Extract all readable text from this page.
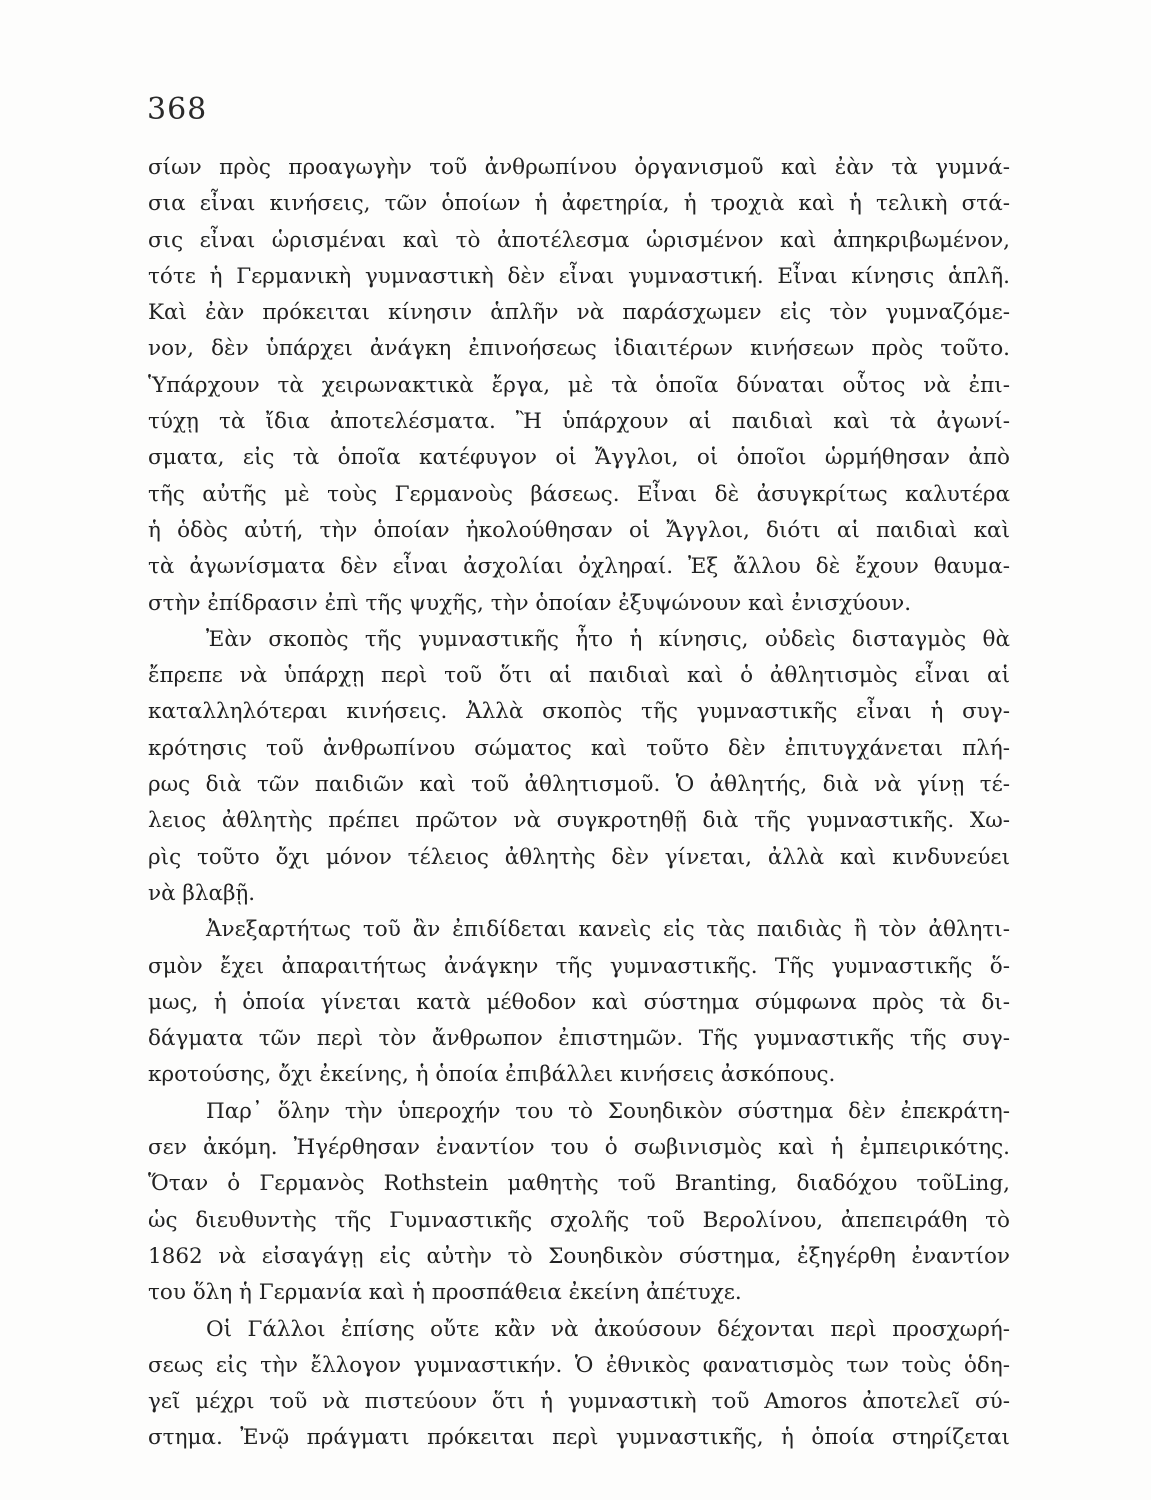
368
σίων πρὸς προαγωγὴν τοῦ ἀνθρωπίνου ὀργανισμοῦ καὶ ἐὰν τὰ γυμνά-
σια εἶναι κινήσεις, τῶν ὁποίων ἡ ἀφετηρία, ἡ τροχιὰ καὶ ἡ τελικὴ στά-
σις εἶναι ὡρισμέναι καὶ τὸ ἀποτέλεσμα ὡρισμένον καὶ ἀπηκριβωμένον,
τότε ἡ Γερμανικὴ γυμναστικὴ δὲν εἶναι γυμναστική. Εἶναι κίνησις ἁπλῆ.
Καὶ ἐὰν πρόκειται κίνησιν ἁπλῆν νὰ παράσχωμεν εἰς τὸν γυμναζόμε-
νον, δὲν ὑπάρχει ἀνάγκη ἐπινοήσεως ἰδιαιτέρων κινήσεων πρὸς τοῦτο.
Ὑπάρχουν τὰ χειρωνακτικὰ ἔργα, μὲ τὰ ὁποῖα δύναται οὗτος νὰ ἐπι-
τύχῃ τὰ ἴδια ἀποτελέσματα. Ἢ ὑπάρχουν αἱ παιδιαὶ καὶ τὰ ἀγωνί-
σματα, εἰς τὰ ὁποῖα κατέφυγον οἱ Ἄγγλοι, οἱ ὁποῖοι ὡρμήθησαν ἀπὸ
τῆς αὐτῆς μὲ τοὺς Γερμανοὺς βάσεως. Εἶναι δὲ ἀσυγκρίτως καλυτέρα
ἡ ὁδὸς αὐτή, τὴν ὁποίαν ἠκολούθησαν οἱ Ἄγγλοι, διότι αἱ παιδιαὶ καὶ
τὰ ἀγωνίσματα δὲν εἶναι ἀσχολίαι ὀχληραί. Ἐξ ἄλλου δὲ ἔχουν θαυμα-
στὴν ἐπίδρασιν ἐπὶ τῆς ψυχῆς, τὴν ὁποίαν ἐξυψώνουν καὶ ἐνισχύουν.
Ἐὰν σκοπὸς τῆς γυμναστικῆς ἦτο ἡ κίνησις, οὐδεὶς δισταγμὸς θὰ
ἔπρεπε νὰ ὑπάρχῃ περὶ τοῦ ὅτι αἱ παιδιαὶ καὶ ὁ ἀθλητισμὸς εἶναι αἱ
καταλληλότεραι κινήσεις. Ἀλλὰ σκοπὸς τῆς γυμναστικῆς εἶναι ἡ συγ-
κρότησις τοῦ ἀνθρωπίνου σώματος καὶ τοῦτο δὲν ἐπιτυγχάνεται πλή-
ρως διὰ τῶν παιδιῶν καὶ τοῦ ἀθλητισμοῦ. Ὁ ἀθλητής, διὰ νὰ γίνῃ τέ-
λειος ἀθλητὴς πρέπει πρῶτον νὰ συγκροτηθῇ διὰ τῆς γυμναστικῆς. Χω-
ρὶς τοῦτο ὄχι μόνον τέλειος ἀθλητὴς δὲν γίνεται, ἀλλὰ καὶ κινδυνεύει
νὰ βλαβῇ.
Ἀνεξαρτήτως τοῦ ἂν ἐπιδίδεται κανεὶς εἰς τὰς παιδιὰς ἢ τὸν ἀθλητι-
σμὸν ἔχει ἀπαραιτήτως ἀνάγκην τῆς γυμναστικῆς. Τῆς γυμναστικῆς ὅ-
μως, ἡ ὁποία γίνεται κατὰ μέθοδον καὶ σύστημα σύμφωνα πρὸς τὰ δι-
δάγματα τῶν περὶ τὸν ἄνθρωπον ἐπιστημῶν. Τῆς γυμναστικῆς τῆς συγ-
κροτούσης, ὄχι ἐκείνης, ἡ ὁποία ἐπιβάλλει κινήσεις ἀσκόπους.
Παρ᾽ ὅλην τὴν ὑπεροχήν του τὸ Σουηδικὸν σύστημα δὲν ἐπεκράτη-
σεν ἀκόμη. Ἠγέρθησαν ἐναντίον του ὁ σωβινισμὸς καὶ ἡ ἐμπειρικότης.
Ὅταν ὁ Γερμανὸς Rothstein μαθητὴς τοῦ Branting, διαδόχου τοῦLing,
ὡς διευθυντὴς τῆς Γυμναστικῆς σχολῆς τοῦ Βερολίνου, ἀπεπειράθη τὸ
1862 νὰ εἰσαγάγῃ εἰς αὐτὴν τὸ Σουηδικὸν σύστημα, ἐξηγέρθη ἐναντίον
του ὅλη ἡ Γερμανία καὶ ἡ προσπάθεια ἐκείνη ἀπέτυχε.
Οἱ Γάλλοι ἐπίσης οὔτε κἂν νὰ ἀκούσουν δέχονται περὶ προσχωρή-
σεως εἰς τὴν ἔλλογον γυμναστικήν. Ὁ ἐθνικὸς φανατισμὸς των τοὺς ὁδη-
γεῖ μέχρι τοῦ νὰ πιστεύουν ὅτι ἡ γυμναστικὴ τοῦ Amoros ἀποτελεῖ σύ-
στημα. Ἐνῷ πράγματι πρόκειται περὶ γυμναστικῆς, ἡ ὁποία στηρίζεται
